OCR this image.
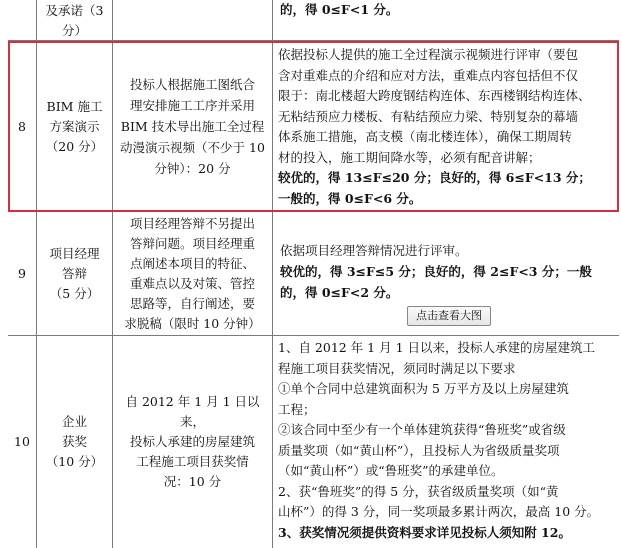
及承诺（3
分）
的，得 0≤F<1 分。
8
BIM 施工
方案演示
（20 分）
投标人根据施工图纸合
理安排施工工序并采用
BIM 技术导出施工全过程
动漫演示视频（不少于 10
分钟）：20 分
依据投标人提供的施工全过程演示视频进行评审（要包
含对重难点的介绍和应对方法，重难点内容包括但不仅
限于：南北楼超大跨度钢结构连体、东西楼钢结构连体、
无粘结预应力楼板、有粘结预应力梁、特别复杂的幕墙
体系施工措施，高支模（南北楼连体），确保工期周转
材的投入，施工期间降水等，必须有配音讲解；
较优的，得 13≤F≤20 分；良好的，得 6≤F<13 分；
一般的，得 0≤F<6 分。
9
项目经理
答辩
（5 分）
项目经理答辩不另提出
答辩问题。项目经理重
点阐述本项目的特征、
重难点以及对策、管控
思路等，自行阐述，要
求脱稿（限时 10 分钟）
依据项目经理答辩情况进行评审。
较优的，得 3≤F≤5 分；良好的，得 2≤F<3 分；一般
的，得 0≤F<2 分。
点击查看大图
10
企业
获奖
（10 分）
自 2012 年 1 月 1 日以来，
投标人承建的房屋建筑
工程施工项目获奖情
况：10 分
1、自 2012 年 1 月 1 日以来，投标人承建的房屋建筑工
程施工项目获奖情况，须同时满足以下要求
①单个合同中总建筑面积为 5 万平方及以上房屋建筑
工程；
②该合同中至少有一个单体建筑获得“鲁班奖”或省级
质量奖项（如“黄山杯”），且投标人为省级质量奖项
（如“黄山杯”）或“鲁班奖”的承建单位。
2、获“鲁班奖”的得 5 分，获省级质量奖项（如“黄
山杯”）的得 3 分，同一奖项最多累计两次，最高 10 分。
3、获奖情况须提供资料要求详见投标人须知附 12。
